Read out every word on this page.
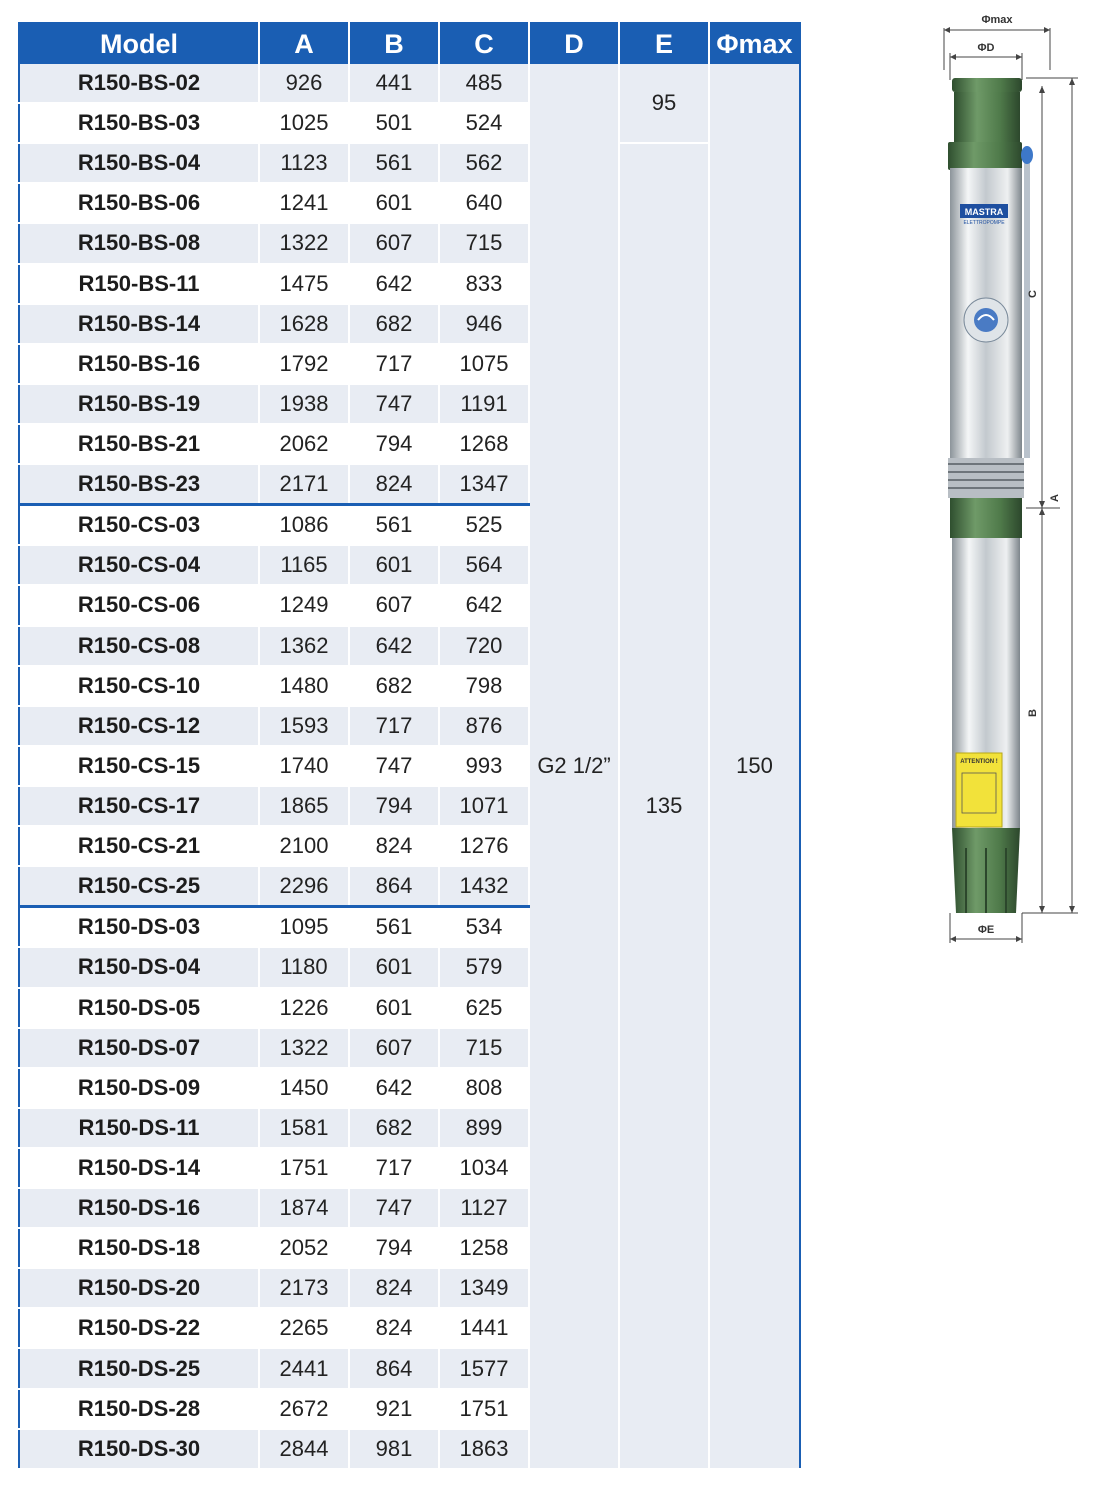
Model	A	B	C	D	E	Φmax
R150-BS-02	926	441	485	G2 1/2”	95	150
R150-BS-03	1025	501	524			
R150-BS-04	1123	561	562		135	
R150-BS-06	1241	601	640			
R150-BS-08	1322	607	715			
R150-BS-11	1475	642	833			
R150-BS-14	1628	682	946			
R150-BS-16	1792	717	1075			
R150-BS-19	1938	747	1191			
R150-BS-21	2062	794	1268			
R150-BS-23	2171	824	1347			
R150-CS-03	1086	561	525			
R150-CS-04	1165	601	564			
R150-CS-06	1249	607	642			
R150-CS-08	1362	642	720			
R150-CS-10	1480	682	798			
R150-CS-12	1593	717	876			
R150-CS-15	1740	747	993			
R150-CS-17	1865	794	1071			
R150-CS-21	2100	824	1276			
R150-CS-25	2296	864	1432			
R150-DS-03	1095	561	534			
R150-DS-04	1180	601	579			
R150-DS-05	1226	601	625			
R150-DS-07	1322	607	715			
R150-DS-09	1450	642	808			
R150-DS-11	1581	682	899			
R150-DS-14	1751	717	1034			
R150-DS-16	1874	747	1127			
R150-DS-18	2052	794	1258			
R150-DS-20	2173	824	1349			
R150-DS-22	2265	824	1441			
R150-DS-25	2441	864	1577			
R150-DS-28	2672	921	1751			
R150-DS-30	2844	981	1863			
Φmax
ΦD
MASTRA
ELETTROPOMPE
ATTENTION !
A
C
B
ΦE
